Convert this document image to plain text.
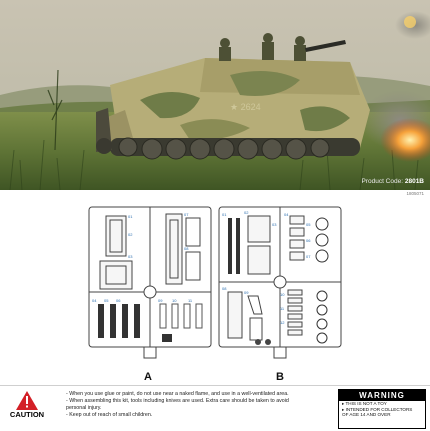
★ 2624
Product Code: 2801B
1805071
01
02
03
04 05 06
07
08
09 10	11
A
01	02
03
04
05
06
07
08
09	10
11
12
B
CAUTION
- When you use glue or paint, do not use near a naked flame, and use in a well-ventilated area.
- When assembling this kit, tools including knives are used. Extra care should be taken to avoid
personal injury.
- Keep out of reach of small children.
WARNING
▸ THIS IS NOT A TOY
▸ INTENDED FOR COLLECTORS
OF AGE 14 AND OVER
